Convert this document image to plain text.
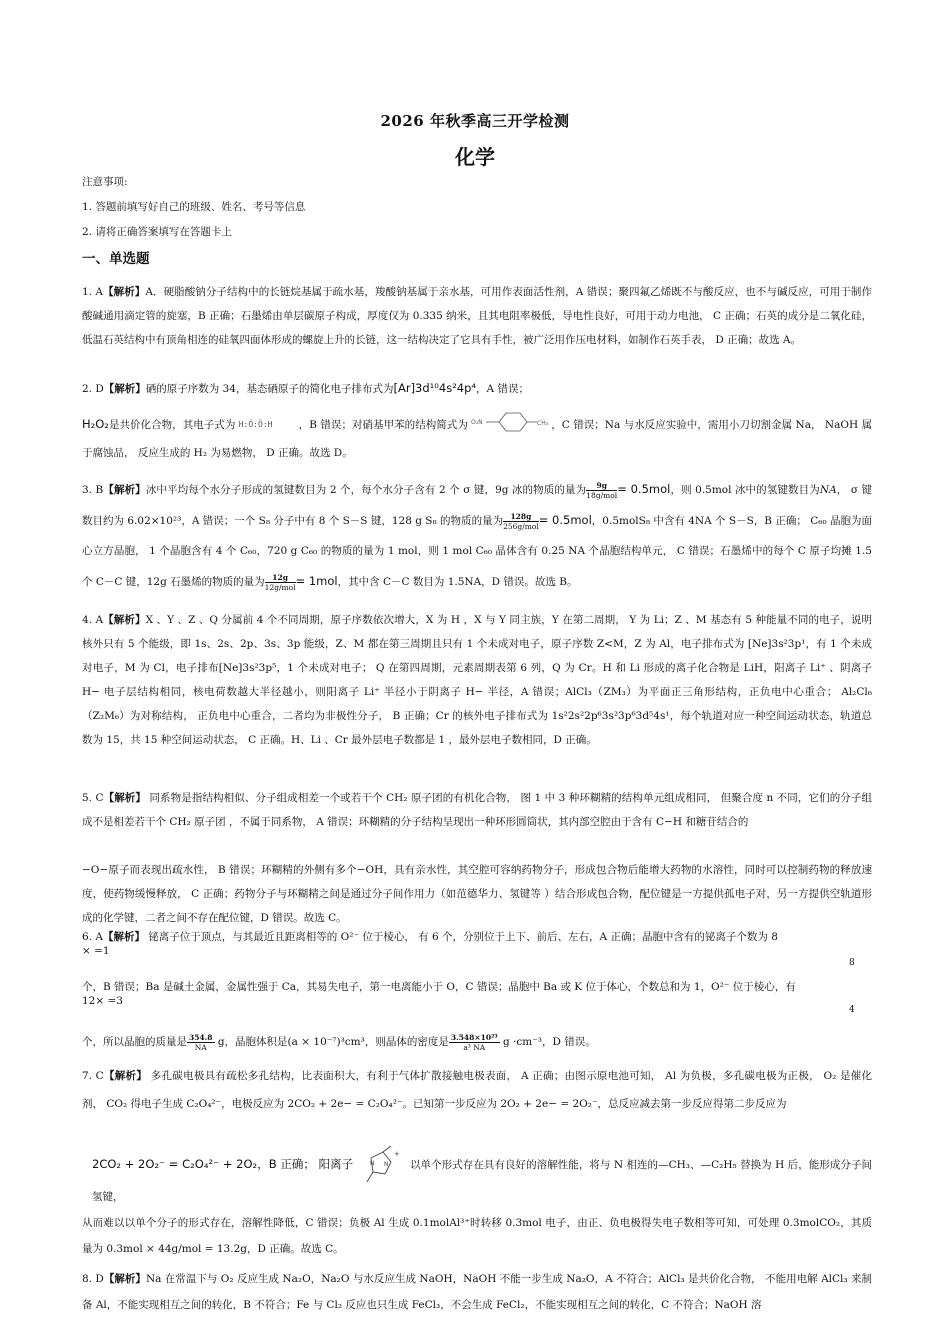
2026 年秋季高三开学检测
化学
注意事项:
1. 答题前填写好自己的班级、姓名、考号等信息
2. 请将正确答案填写在答题卡上
一、单选题
1. A【解析】A．硬脂酸钠分子结构中的长链烷基属于疏水基，羧酸钠基属于亲水基，可用作表面活性剂，A 错误；聚四氟乙烯既不与酸反应，也不与碱反应，可用于制作酸碱通用滴定管的旋塞，B 正确；石墨烯由单层碳原子构成，厚度仅为 0.335 纳米，且其电阻率极低，导电性良好，可用于动力电池， C 正确；石英的成分是二氧化硅，低温石英结构中有顶角相连的硅氧四面体形成的螺旋上升的长链，这一结构决定了它具有手性，被广泛用作压电材料，如制作石英手表， D 正确；故选 A。
2. D【解析】硒的原子序数为 34，基态硒原子的简化电子排布式为[Ar]3d¹⁰4s²4p⁴，A 错误；
H₂O₂是共价化合物，其电子式为 H:Ö:Ö:H	，B 错误；对硝基甲苯的结构简式为 O₂N	CH₃ ，C 错误；Na 与水反应实验中，需用小刀切割金属 Na， NaOH 属于腐蚀品， 反应生成的 H₂ 为易燃物， D 正确。故选 D。
3. B【解析】冰中平均每个水分子形成的氢键数目为 2 个，每个水分子含有 2 个 σ 键，9g 冰的物质的量为 $\frac{9g}{\text{18g/mol}} = 0.5mol$，则 0.5mol 冰中的氢键数目为NA， σ 键数目约为 6.02×10²³，A 错误；一个 S₈ 分子中有 8 个 S－S 键，128 g S₈ 的物质的量为 $\frac{128g}{\text{256g/mol}} = 0.5mol$，0.5molS₈ 中含有 4NA 个 S－S，B 正确； C₆₀ 晶胞为面心立方晶胞， 1 个晶胞含有 4 个 C₆₀，720 g C₆₀ 的物质的量为 1 mol，则 1 mol C₆₀ 晶体含有 0.25 NA 个晶胞结构单元， C 错误；石墨烯中的每个 C 原子均摊 1.5 个 C－C 键，12g 石墨烯的物质的量为 $\frac{12g}{\text{12g/mol}} = 1mol$，其中含 C－C 数目为 1.5NA，D 错误。故选 B。
4. A【解析】X 、Y 、Z 、Q 分属前 4 个不同周期，原子序数依次增大，X 为 H ，X 与 Y 同主族，Y 在第二周期， Y 为 Li；Z 、M 基态有 5 种能量不同的电子，说明核外只有 5 个能级，即 1s、2s、2p、3s、3p 能级，Z、M 都在第三周期且只有 1 个未成对电子，原子序数 Z<M，Z 为 Al，电子排布式为 [Ne]3s²3p¹，有 1 个未成对电子，M 为 Cl，电子排布[Ne]3s²3p⁵，1 个未成对电子； Q 在第四周期，元素周期表第 6 列，Q 为 Cr。H 和 Li 形成的离子化合物是 LiH，阳离子 Li⁺ 、阴离子 H− 电子层结构相同，核电荷数越大半径越小，则阳离子 Li⁺ 半径小于阴离子 H− 半径，A 错误；AlCl₃（ZM₃）为平面正三角形结构，正负电中心重合； Al₂Cl₆（Z₂M₆）为对称结构， 正负电中心重合，二者均为非极性分子， B 正确；Cr 的核外电子排布式为 1s²2s²2p⁶3s²3p⁶3d⁵4s¹，每个轨道对应一种空间运动状态，轨道总数为 15，共 15 种空间运动状态， C 正确。H、Li 、Cr 最外层电子数都是 1 ，最外层电子数相同，D 正确。
5. C【解析】 同系物是指结构相似、分子组成相差一个或若干个 CH₂ 原子团的有机化合物， 图 1 中 3 种环糊精的结构单元组成相同， 但聚合度 n 不同，它们的分子组成不是相差若干个 CH₂ 原子团 ，不属于同系物， A 错误；环糊精的分子结构呈现出一种环形圆筒状，其内部空腔由于含有 C−H 和糖苷结合的
−O−原子而表现出疏水性， B 错误；环糊精的外侧有多个−OH，具有亲水性，其空腔可容纳药物分子，形成包合物后能增大药物的水溶性，同时可以控制药物的释放速度，使药物缓慢释放， C 正确；药物分子与环糊精之间是通过分子间作用力（如范德华力、氢键等 ）结合形成包合物，配位键是一方提供孤电子对，另一方提供空轨道形成的化学键，二者之间不存在配位键，D 错误。故选 C。
6. A【解析】 铋离子位于顶点，与其最近且距离相等的 O²⁻ 位于棱心， 有 6 个，分别位于上下、前后、左右，A 正确；晶胞中含有的铋离子个数为 8
× =1
8
个，B 错误；Ba 是碱土金属，金属性强于 Ca，其易失电子，第一电离能小于 O，C 错误；晶胞中 Ba 或 K 位于体心，个数总和为 1，O²⁻ 位于棱心，有
12× =3
4
个，所以晶胞的质量是 $\frac{354.8}{NA}$ g，晶胞体积是(a × 10⁻⁷)³cm³，则晶体的密度是 $\frac{\text{3.548×10²³}}{\text{a³ NA}}$ g ·cm⁻³，D 错误。
7. C【解析】 多孔碳电极具有疏松多孔结构，比表面积大，有利于气体扩散接触电极表面， A 正确；由图示原电池可知， Al 为负极，多孔碳电极为正极， O₂ 是催化剂， CO₂ 得电子生成 C₂O₄²⁻，电极反应为 2CO₂ + 2e− = C₂O₄²⁻。已知第一步反应为 2O₂ + 2e− = 2O₂⁻，总反应减去第一步反应得第二步反应为
2CO₂ + 2O₂⁻ = C₂O₄²⁻ + 2O₂，B 正确； 阳离子	N N
+
以单个形式存在具有良好的溶解性能，将与 N 相连的—CH₃、—C₂H₅ 替换为 H 后，能形成分子间氢键，
从而难以以单个分子的形式存在，溶解性降低，C 错误；负极 Al 生成 0.1molAl³⁺时转移 0.3mol 电子，由正、负电极得失电子数相等可知，可处理 0.3molCO₂，其质量为 0.3mol × 44g/mol = 13.2g，D 正确。故选 C。
8. D【解析】Na 在常温下与 O₂ 反应生成 Na₂O，Na₂O 与水反应生成 NaOH，NaOH 不能一步生成 Na₂O，A 不符合；AlCl₃ 是共价化合物， 不能用电解 AlCl₃ 来制备 Al，不能实现相互之间的转化，B 不符合；Fe 与 Cl₂ 反应也只生成 FeCl₃，不会生成 FeCl₂，不能实现相互之间的转化，C 不符合；NaOH 溶
